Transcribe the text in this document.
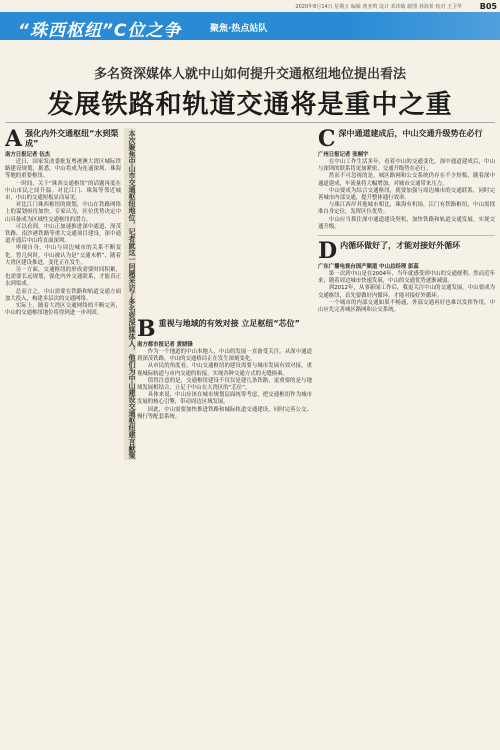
2020年8月14日 星期五 编辑 黄亚鸣 设计 邓玮敏 制图 林海希 校对 王卫华 B05
“珠西枢纽”C位之争	聚焦·热点站队
多名资深媒体人就中山如何提升交通枢纽地位提出看法
发展铁路和轨道交通将是重中之重
A 强化内外交通枢纽“水到渠成”
南方日报记者 伍杰

近日，国家发改委批复粤港澳大湾区城际铁路建设规划，据悉，中山将成为连通深圳、珠海等地的重要枢纽。

一时间，关于“珠西交通枢纽”的话题再度在中山市民之间升温。对比江门、珠海等邻近城市，中山的交通短板显而易见。

对比江门珠西枢纽的规划，中山在铁路网络上的谋划亟待加快。专家认为，区位优势决定中山具备成为区域性交通枢纽的潜力。

可以看到，中山正加速推进深中通道、深茂铁路、南沙港铁路等重大交通项目建设，深中通道开通后中山将直面深圳。

审视自身，中山与周边城市的关系不断变化。曾几何时，中山被认为是“交通末梢”，随着大湾区建设推进，变化正在发生。

另一方面，交通枢纽的形成需要时间积累，也需要长远规划，强化内外交通联系，才能真正水到渠成。

总而言之，中山需要在铁路和轨道交通方面加大投入，构建多层次的交通网络。

实际上，随着大湾区交通网络的不断完善，中山的交通枢纽地位将得到进一步巩固。	本次聚焦中山市交通枢纽地位，记者就这一问题采访了多名资深媒体人，他们为中山建设交通枢纽建言献策 B 重视与地域的有效对接 立足枢纽“芯位”
南方都市报记者 黄晓锋

作为一个地道的中山本地人，中山的发展一直备受关注。从深中通道到深茂铁路，中山的交通格局正在发生深刻变化。

从市民的角度看，中山交通枢纽的建设需要与城市发展有效对接，重视城际轨道与市内交通的衔接，实现各种交通方式的无缝换乘。

值得注意的是，交通枢纽建设不仅仅是建几条铁路，更重要的是与地域发展相结合，立足于中山在大湾区的“芯位”。

具体来说，中山应该在城市规划层面统筹考虑，把交通枢纽作为城市发展的核心引擎，带动周边区域发展。

因此，中山需要加快推进铁路和城际轨道交通建设，同时完善公交、慢行等配套系统。

C 深中通道建成后，中山交通升级势在必行
广州日报记者 张桐宇

在中山工作生活多年，看着中山的交通变化。深中通道建成后，中山与深圳的联系将更加紧密，交通升级势在必行。

然而不可忽视的是，城区路网和公交系统仍存在不少短板，随着深中通道建成，车流量将大幅增加，对城市交通带来压力。

中山要成为综合交通枢纽，就要加强与周边城市的交通联系，同时完善城市内部交通，提升整体通行效率。

与珠江西岸其他城市相比，珠海有机场，江门有铁路枢纽，中山需找准自身定位，发挥区位优势。

中山应当抓住深中通道建设契机，加快铁路和轨道交通发展，实现交通升级。

D 内循环做好了，才能对接好外循环
广东广播电视台国产频道 中山总经理 彭蕊

第一次到中山是在2004年，当年就感受到中山的交通便利。然而近年来，随着周边城市快速发展，中山的交通优势逐渐减弱。

到2012年，从事新闻工作后，我更关注中山的交通发展。中山要成为交通枢纽，首先要做好内循环，才能对接好外循环。

一个城市的内部交通如果不畅通，外部交通再好也难以发挥作用，中山应先完善城区路网和公交系统。
